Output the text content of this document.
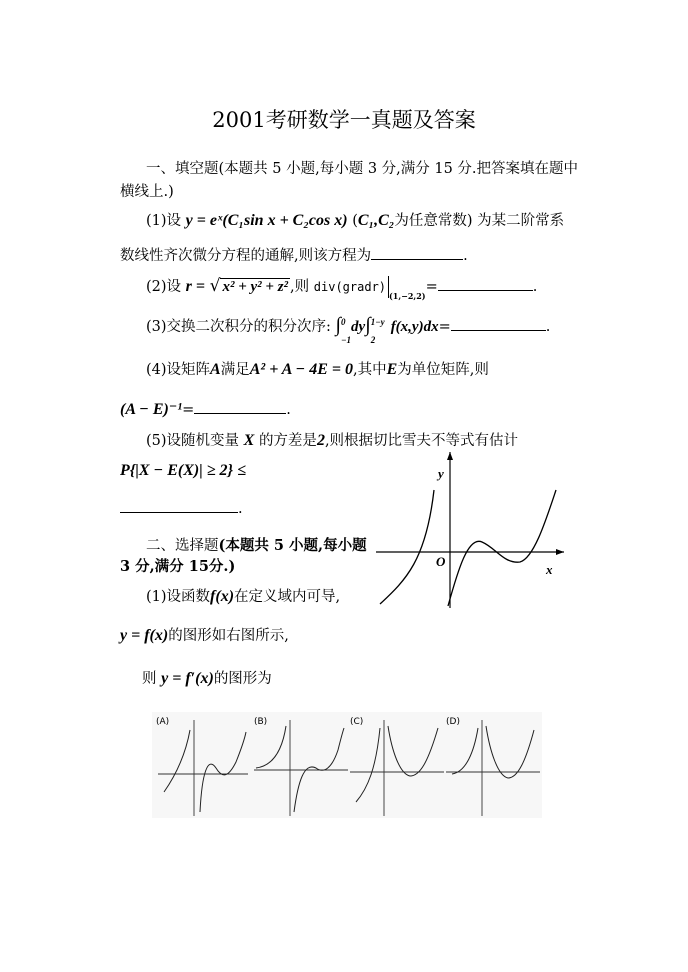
2001考研数学一真题及答案
一、填空题(本题共 5 小题,每小题 3 分,满分 15 分.把答案填在题中
横线上.)
(1)设 y = eˣ(C₁sin x + C₂cos x) (C₁,C₂为任意常数) 为某二阶常系
数线性齐次微分方程的通解,则该方程为	.
(2)设 r = √ x² + y² + z² ,则 $div(gradr)_{(1,-2,2)}=$	.
(3)交换二次积分的积分次序: ∫ 0
−1
dy∫ 1−y
2
f(x,y)dx=	.
(4)设矩阵A满足A² + A − 4E = 0,其中E为单位矩阵,则
(A − E)⁻¹=	.
(5)设随机变量 X 的方差是2,则根据切比雪夫不等式有估计
P{|X − E(X)| ≥ 2} ≤
.
二、选择题(本题共 5 小题,每小题
3 分,满分 15分.)
(1)设函数f(x)在定义域内可导,
y = f(x)的图形如右图所示,
则 y = f′(x)的图形为
y
x
O
(A)	(B)	(C)	(D)
